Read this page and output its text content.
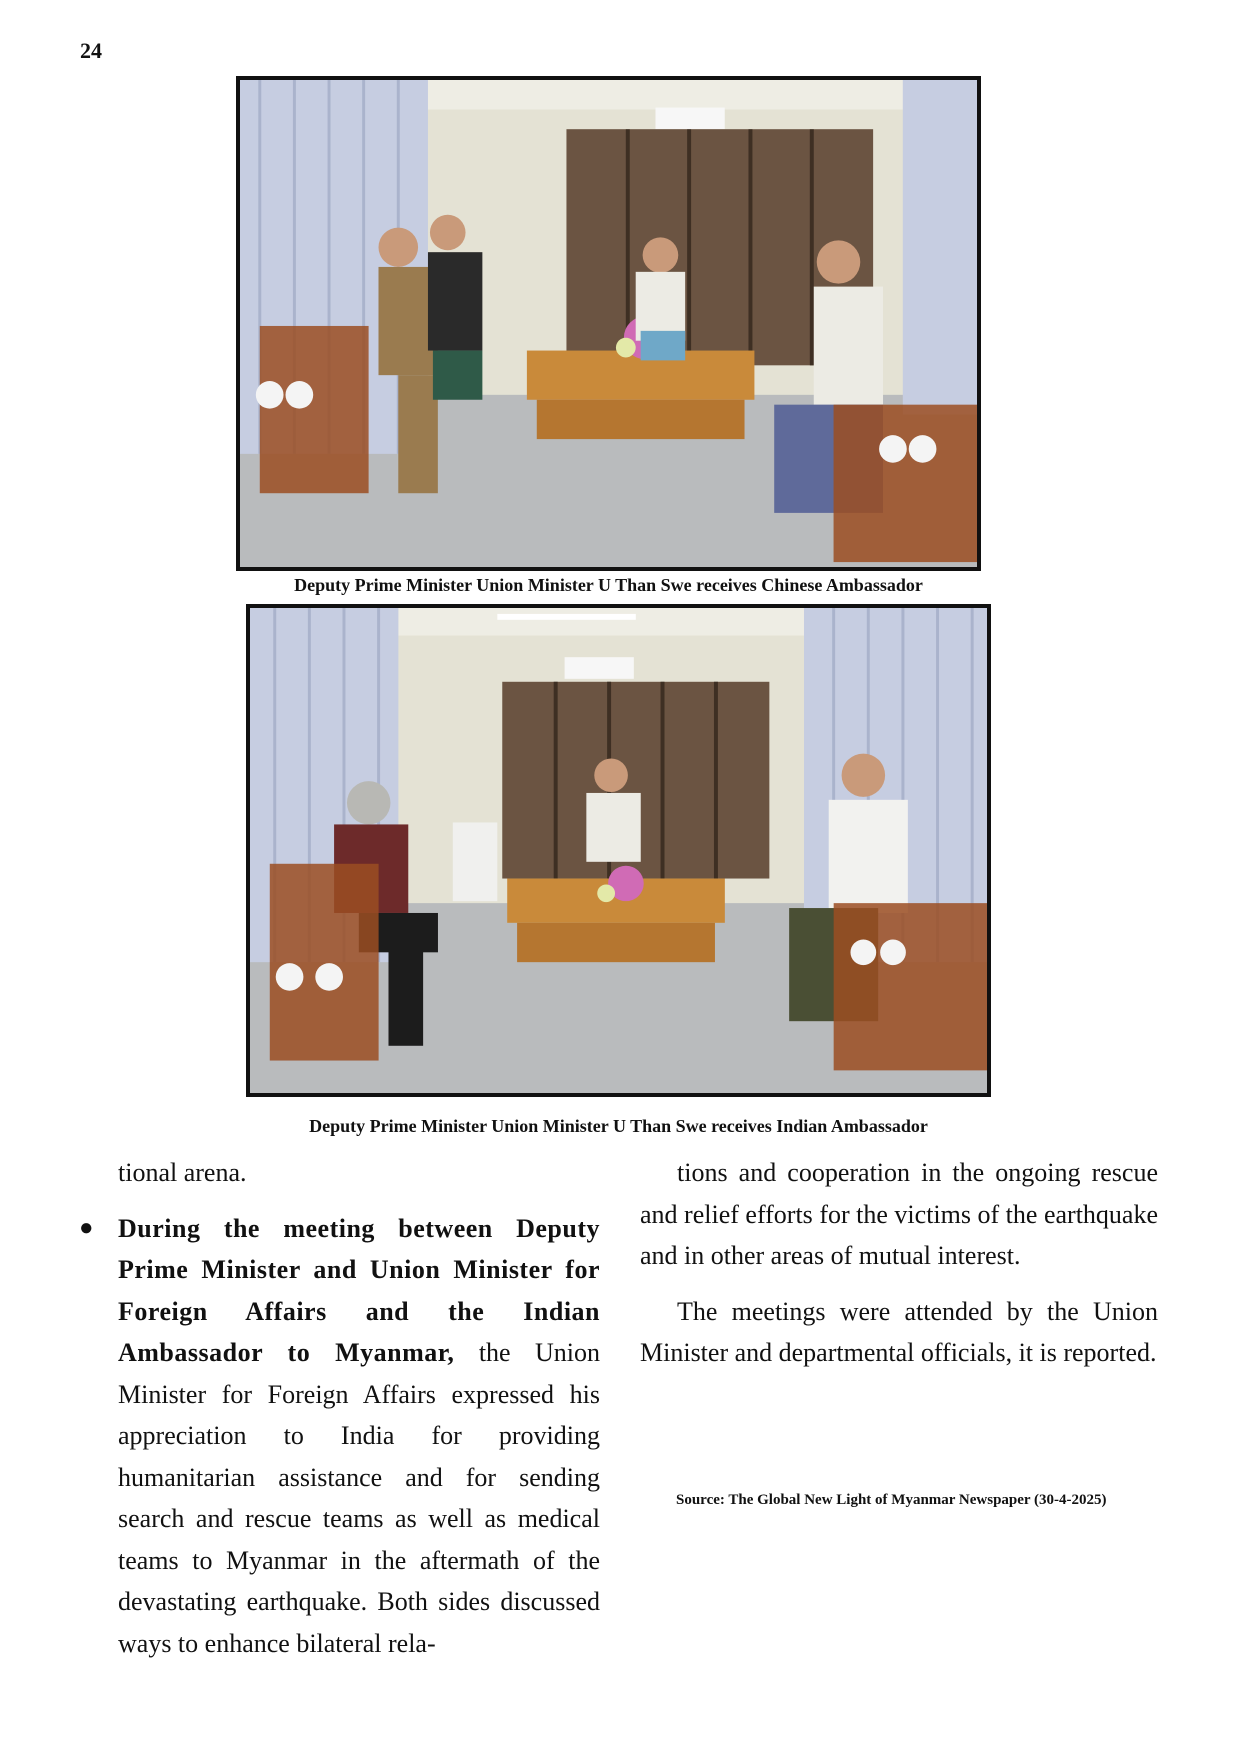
24
Deputy Prime Minister Union Minister U Than Swe receives Chinese Ambassador
Deputy Prime Minister Union Minister U Than Swe receives Indian Ambassador

tional arena.

● During the meeting between Deputy Prime Minister and Union Minister for Foreign Affairs and the Indian Ambassador to Myanmar, the Union Minister for Foreign Affairs expressed his appreciation to India for providing humanitarian assistance and for sending search and rescue teams as well as medical teams to Myanmar in the aftermath of the devastating earthquake. Both sides discussed ways to enhance bilateral rela-

tions and cooperation in the ongoing rescue and relief efforts for the victims of the earthquake and in other areas of mutual interest.

The meetings were attended by the Union Minister and departmental officials, it is reported.

Source: The Global New Light of Myanmar Newspaper (30-4-2025)
